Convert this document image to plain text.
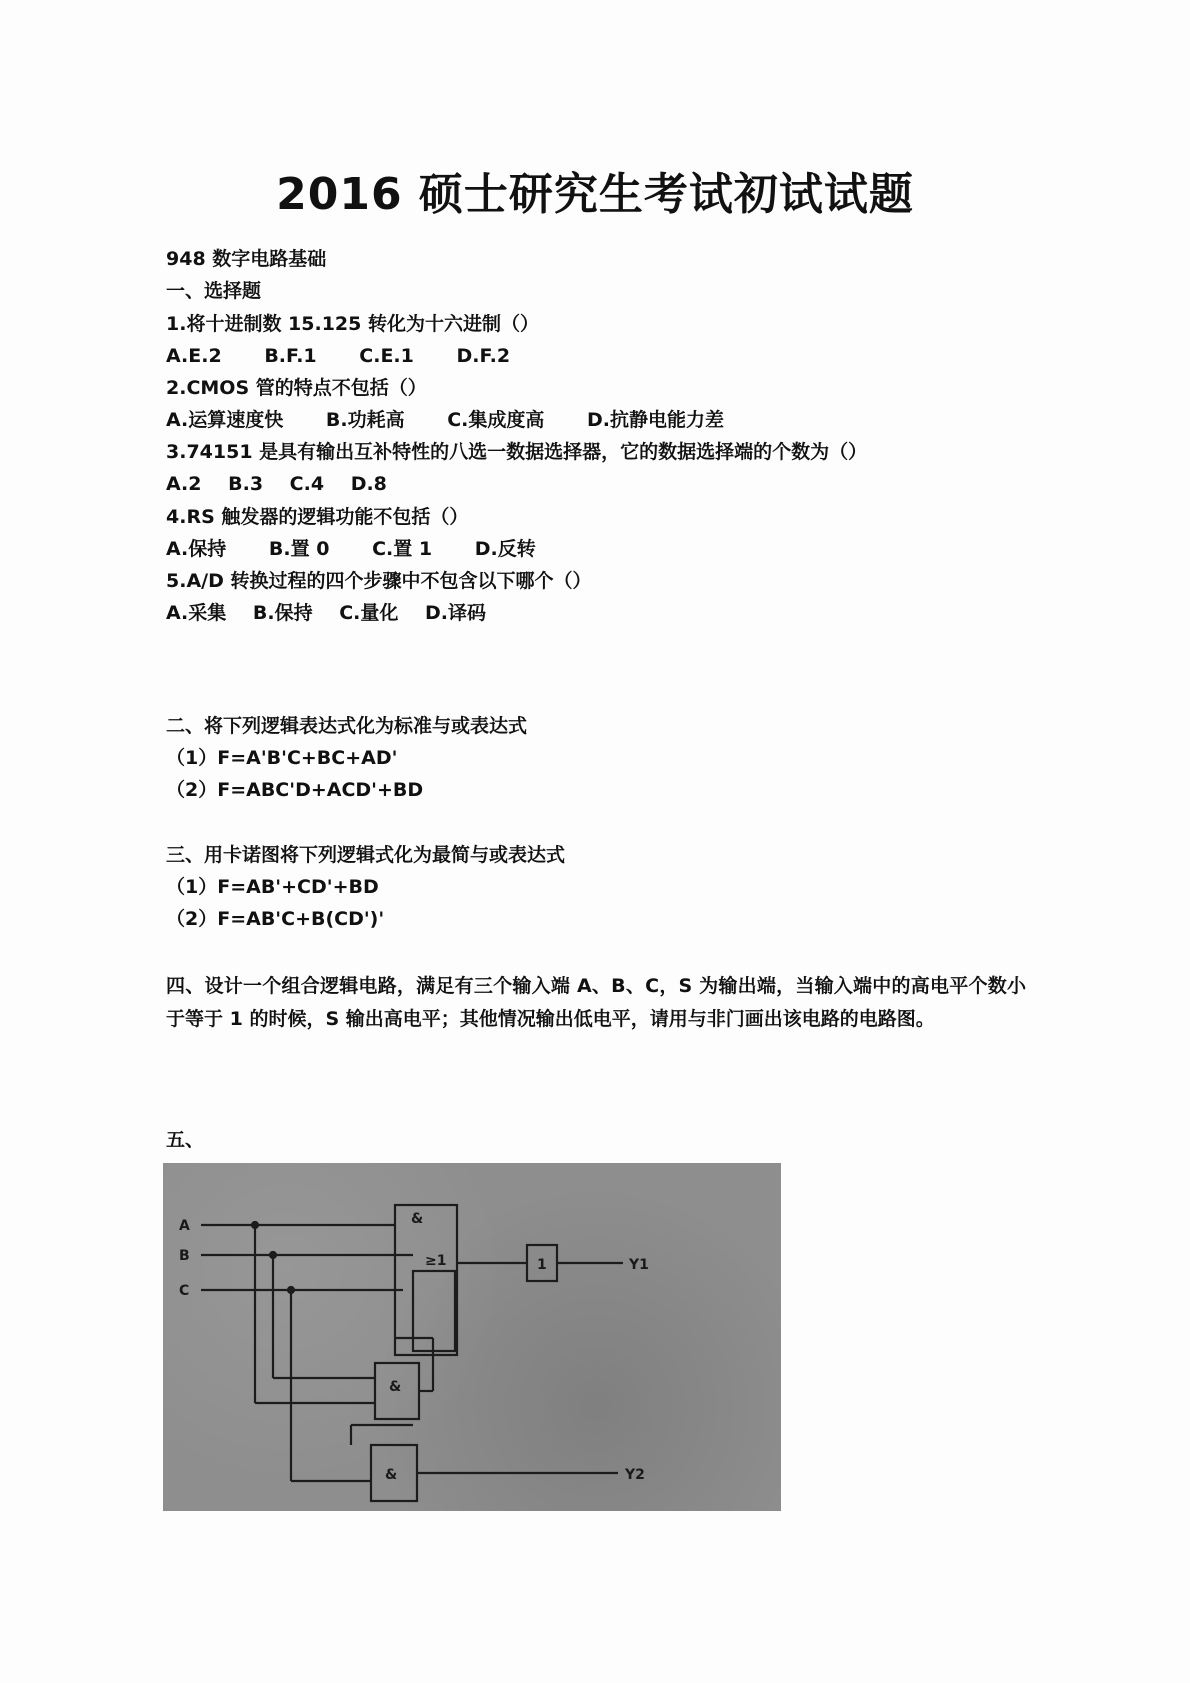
2016 硕士研究生考试初试试题
948 数字电路基础
一、选择题
1.将十进制数 15.125 转化为十六进制（）
A.E.2 B.F.1 C.E.1 D.F.2
2.CMOS 管的特点不包括（）
A.运算速度快 B.功耗高 C.集成度高 D.抗静电能力差
3.74151 是具有输出互补特性的八选一数据选择器，它的数据选择端的个数为（）
A.2 B.3 C.4 D.8
4.RS 触发器的逻辑功能不包括（）
A.保持 B.置 0 C.置 1 D.反转
5.A/D 转换过程的四个步骤中不包含以下哪个（）
A.采集 B.保持 C.量化 D.译码
二、将下列逻辑表达式化为标准与或表达式
（1）F=A'B'C+BC+AD'
（2）F=ABC'D+ACD'+BD
三、用卡诺图将下列逻辑式化为最简与或表达式
（1）F=AB'+CD'+BD
（2）F=AB'C+B(CD')'
四、设计一个组合逻辑电路，满足有三个输入端 A、B、C，S 为输出端，当输入端中的高电平个数小于等于 1 的时候，S 输出高电平；其他情况输出低电平，请用与非门画出该电路的电路图。
五、
A
B
C
&
≥1	1
&
&
Y1
Y2
